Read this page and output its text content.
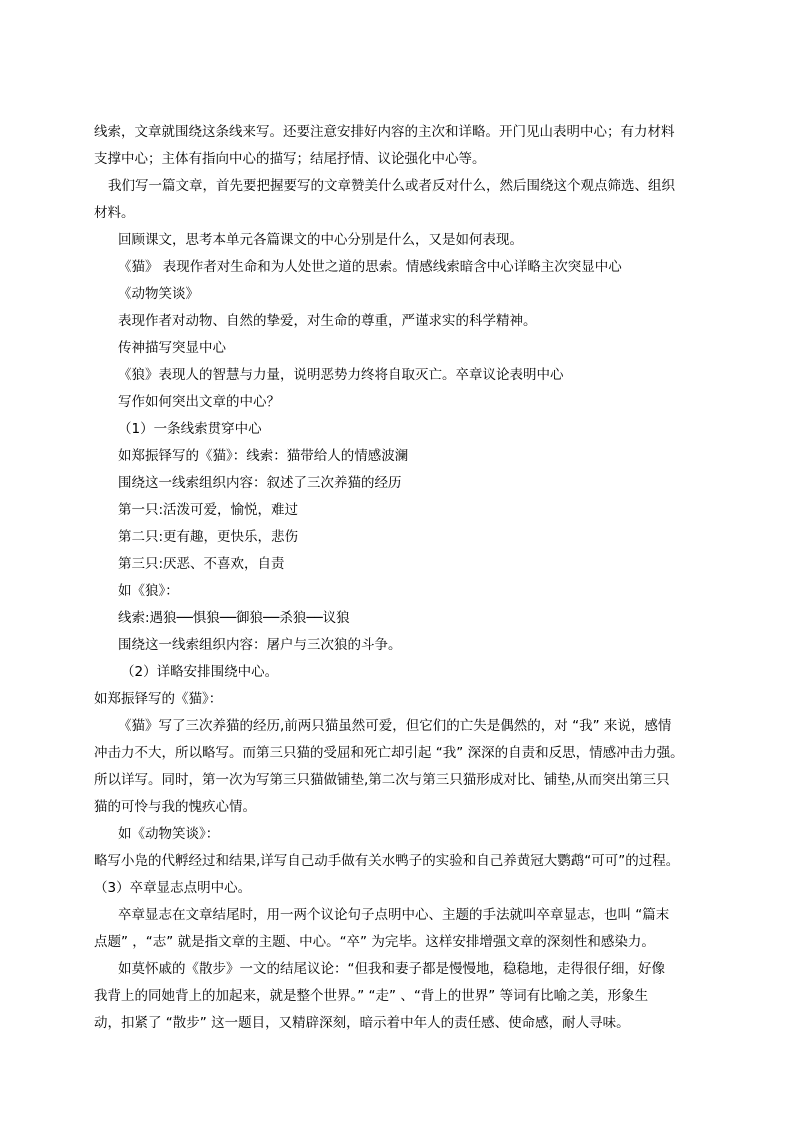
线索，文章就围绕这条线来写。还要注意安排好内容的主次和详略。开门见山表明中心；有力材料
支撑中心；主体有指向中心的描写；结尾抒情、议论强化中心等。
我们写一篇文章，首先要把握要写的文章赞美什么或者反对什么，然后围绕这个观点筛选、组织
材料。
回顾课文，思考本单元各篇课文的中心分别是什么，又是如何表现。
《猫》 表现作者对生命和为人处世之道的思索。情感线索暗含中心详略主次突显中心
《动物笑谈》
表现作者对动物、自然的挚爱，对生命的尊重，严谨求实的科学精神。
传神描写突显中心
《狼》表现人的智慧与力量，说明恶势力终将自取灭亡。卒章议论表明中心
写作如何突出文章的中心？
（1）一条线索贯穿中心
如郑振铎写的《猫》：线索：猫带给人的情感波澜
围绕这一线索组织内容：叙述了三次养猫的经历
第一只:活泼可爱，愉悦，难过
第二只:更有趣，更快乐，悲伤
第三只:厌恶、不喜欢，自责
如《狼》：
线索:遇狼──惧狼──御狼──杀狼──议狼
围绕这一线索组织内容：屠户与三次狼的斗争。
（2）详略安排围绕中心。
如郑振铎写的《猫》：
《猫》写了三次养猫的经历,前两只猫虽然可爱，但它们的亡失是偶然的，对 “我” 来说，感情
冲击力不大，所以略写。而第三只猫的受屈和死亡却引起 “我” 深深的自责和反思，情感冲击力强。
所以详写。同时，第一次为写第三只猫做铺垫,第二次与第三只猫形成对比、铺垫,从而突出第三只
猫的可怜与我的愧疚心情。
如《动物笑谈》：
略写小凫的代孵经过和结果,详写自己动手做有关水鸭子的实验和自己养黄冠大鹦鹉“可可”的过程。
（3）卒章显志点明中心。
卒章显志在文章结尾时，用一两个议论句子点明中心、主题的手法就叫卒章显志，也叫 “篇末
点题” ，“志” 就是指文章的主题、中心。“卒” 为完毕。这样安排增强文章的深刻性和感染力。
如莫怀戚的《散步》一文的结尾议论：“但我和妻子都是慢慢地，稳稳地，走得很仔细，好像
我背上的同她背上的加起来，就是整个世界。” “走” 、“背上的世界” 等词有比喻之美，形象生
动，扣紧了 “散步” 这一题目，又精辟深刻，暗示着中年人的责任感、使命感，耐人寻味。
